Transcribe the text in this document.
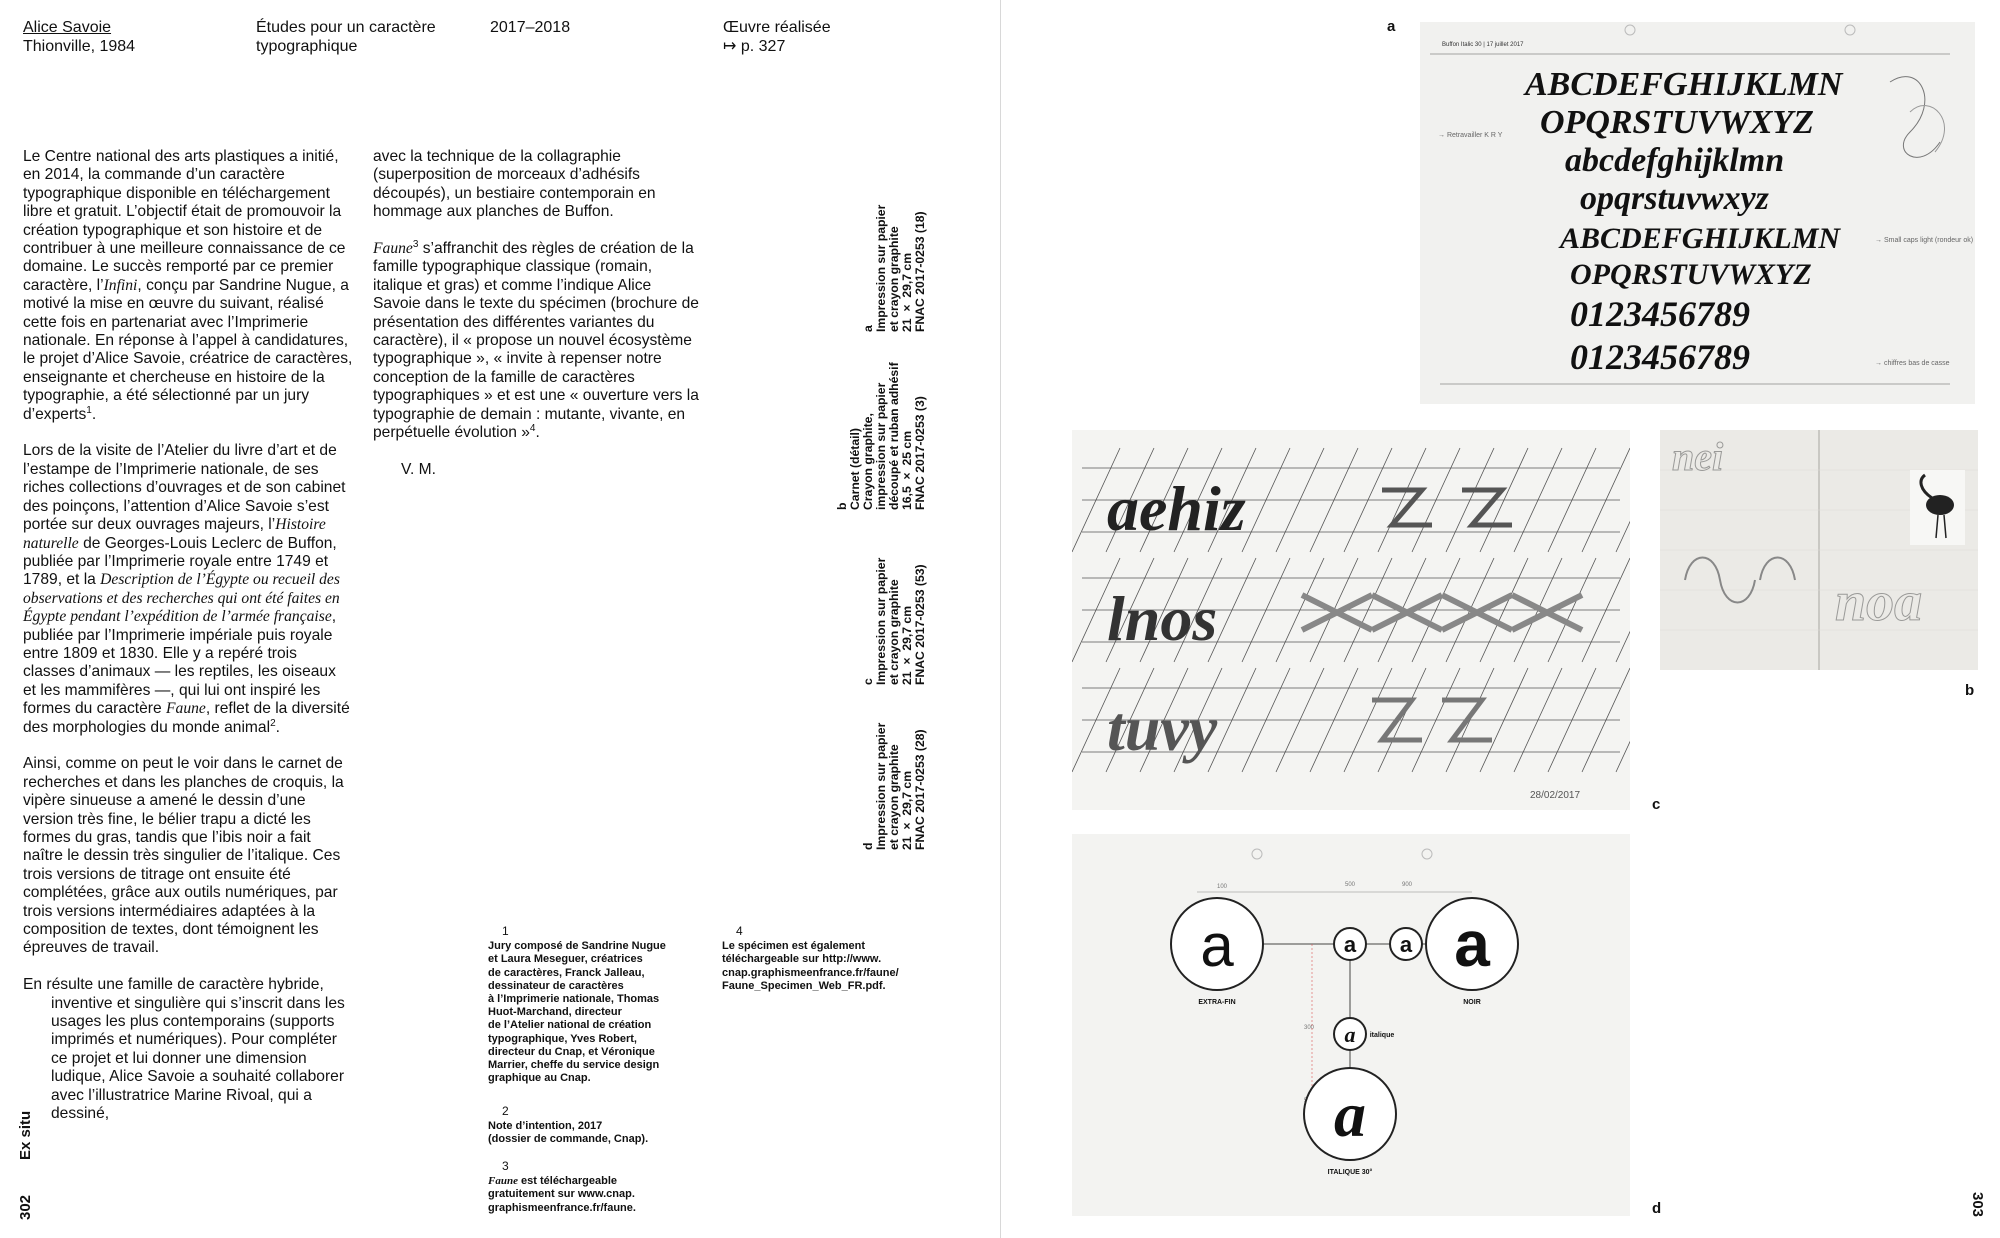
Alice Savoie
Thionville, 1984
Études pour un caractère typographique
2017–2018	Œuvre réalisée
↦ p. 327

Le Centre national des arts plastiques a initié, en 2014, la commande d’un caractère typographique disponible en téléchargement libre et gratuit. L’objectif était de promouvoir la création typographique et son histoire et de contribuer à une meilleure connaissance de ce domaine. Le succès remporté par ce premier caractère, l’Infini, conçu par Sandrine Nugue, a motivé la mise en œuvre du suivant, réalisé cette fois en partenariat avec l’Imprimerie nationale. En réponse à l’appel à candidatures, le projet d’Alice Savoie, créatrice de caractères, enseignante et chercheuse en histoire de la typographie, a été sélectionné par un jury d’experts$^1$.

Lors de la visite de l’Atelier du livre d’art et de l’estampe de l’Imprimerie nationale, de ses riches collections d’ouvrages et de son cabinet des poinçons, l’attention d’Alice Savoie s’est portée sur deux ouvrages majeurs, l’Histoire naturelle de Georges-Louis Leclerc de Buffon, publiée par l’Imprimerie royale entre 1749 et 1789, et la Description de l’Égypte ou recueil des observations et des recherches qui ont été faites en Égypte pendant l’expédition de l’armée française, publiée par l’Imprimerie impériale puis royale entre 1809 et 1830. Elle y a repéré trois classes d’animaux — les reptiles, les oiseaux et les mammifères —, qui lui ont inspiré les formes du caractère Faune, reflet de la diversité des morphologies du monde animal$^2$.

Ainsi, comme on peut le voir dans le carnet de recherches et dans les planches de croquis, la vipère sinueuse a amené le dessin d’une version très fine, le bélier trapu a dicté les formes du gras, tandis que l’ibis noir a fait naître le dessin très singulier de l’italique. Ces trois versions de titrage ont ensuite été complétées, grâce aux outils numériques, par trois versions intermédiaires adaptées à la composition de textes, dont témoignent les épreuves de travail.

En résulte une famille de caractère hybride, inventive et singulière qui s’inscrit dans les usages les plus contemporains (supports imprimés et numériques). Pour compléter ce projet et lui donner une dimension ludique, Alice Savoie a souhaité collaborer avec l’illustratrice Marine Rivoal, qui a dessiné,

avec la technique de la collagraphie (superposition de morceaux d’adhésifs découpés), un bestiaire contemporain en hommage aux planches de Buffon.

Faune$^3$ s’affranchit des règles de création de la famille typographique classique (romain, italique et gras) et comme l’indique Alice Savoie dans le texte du spécimen (brochure de présentation des différentes variantes du caractère), il « propose un nouvel écosystème typographique », « invite à repenser notre conception de la famille de caractères typographiques » et est une « ouverture vers la typographie de demain : mutante, vivante, en perpétuelle évolution »$^4$.

V. M.

a
Impression sur papier
et crayon graphite
21 × 29,7 cm
FNAC 2017-0253 (18)
b
Carnet (détail)
Crayon graphite,
impression sur papier
découpé et ruban adhésif
16,5 × 25 cm
FNAC 2017-0253 (3)
c
Impression sur papier
et crayon graphite
21 × 29,7 cm
FNAC 2017-0253 (53)
d
Impression sur papier
et crayon graphite
21 × 29,7 cm
FNAC 2017-0253 (28)
1
Jury composé de Sandrine Nugue
et Laura Meseguer, créatrices
de caractères, Franck Jalleau,
dessinateur de caractères
à l’Imprimerie nationale, Thomas
Huot-Marchand, directeur
de l’Atelier national de création
typographique, Yves Robert,
directeur du Cnap, et Véronique
Marrier, cheffe du service design
graphique au Cnap.
2
Note d’intention, 2017
(dossier de commande, Cnap).
3
Faune est téléchargeable
gratuitement sur www.cnap.
graphismeenfrance.fr/faune.
4
Le spécimen est également
téléchargeable sur http://www.
cnap.graphismeenfrance.fr/faune/
Faune_Specimen_Web_FR.pdf.
Ex situ
302	303
a
b
c
d
Buffon Italic 30 | 17 juillet 2017
ABCDEFGHIJKLMN
OPQRSTUVWXYZ
abcdefghijklmn
opqrstuvwxyz
ABCDEFGHIJKLMN
OPQRSTUVWXYZ
0123456789
0123456789
→ Retravailler K R Y
→ Small caps light (rondeur ok)
→ chiffres bas de casse
nei
noa
aehiz
lnos
tuvy
28/02/2017
100	500	900
300
a	a a a
a
a
EXTRA-FIN	NOIR
italique
ITALIQUE 30°
